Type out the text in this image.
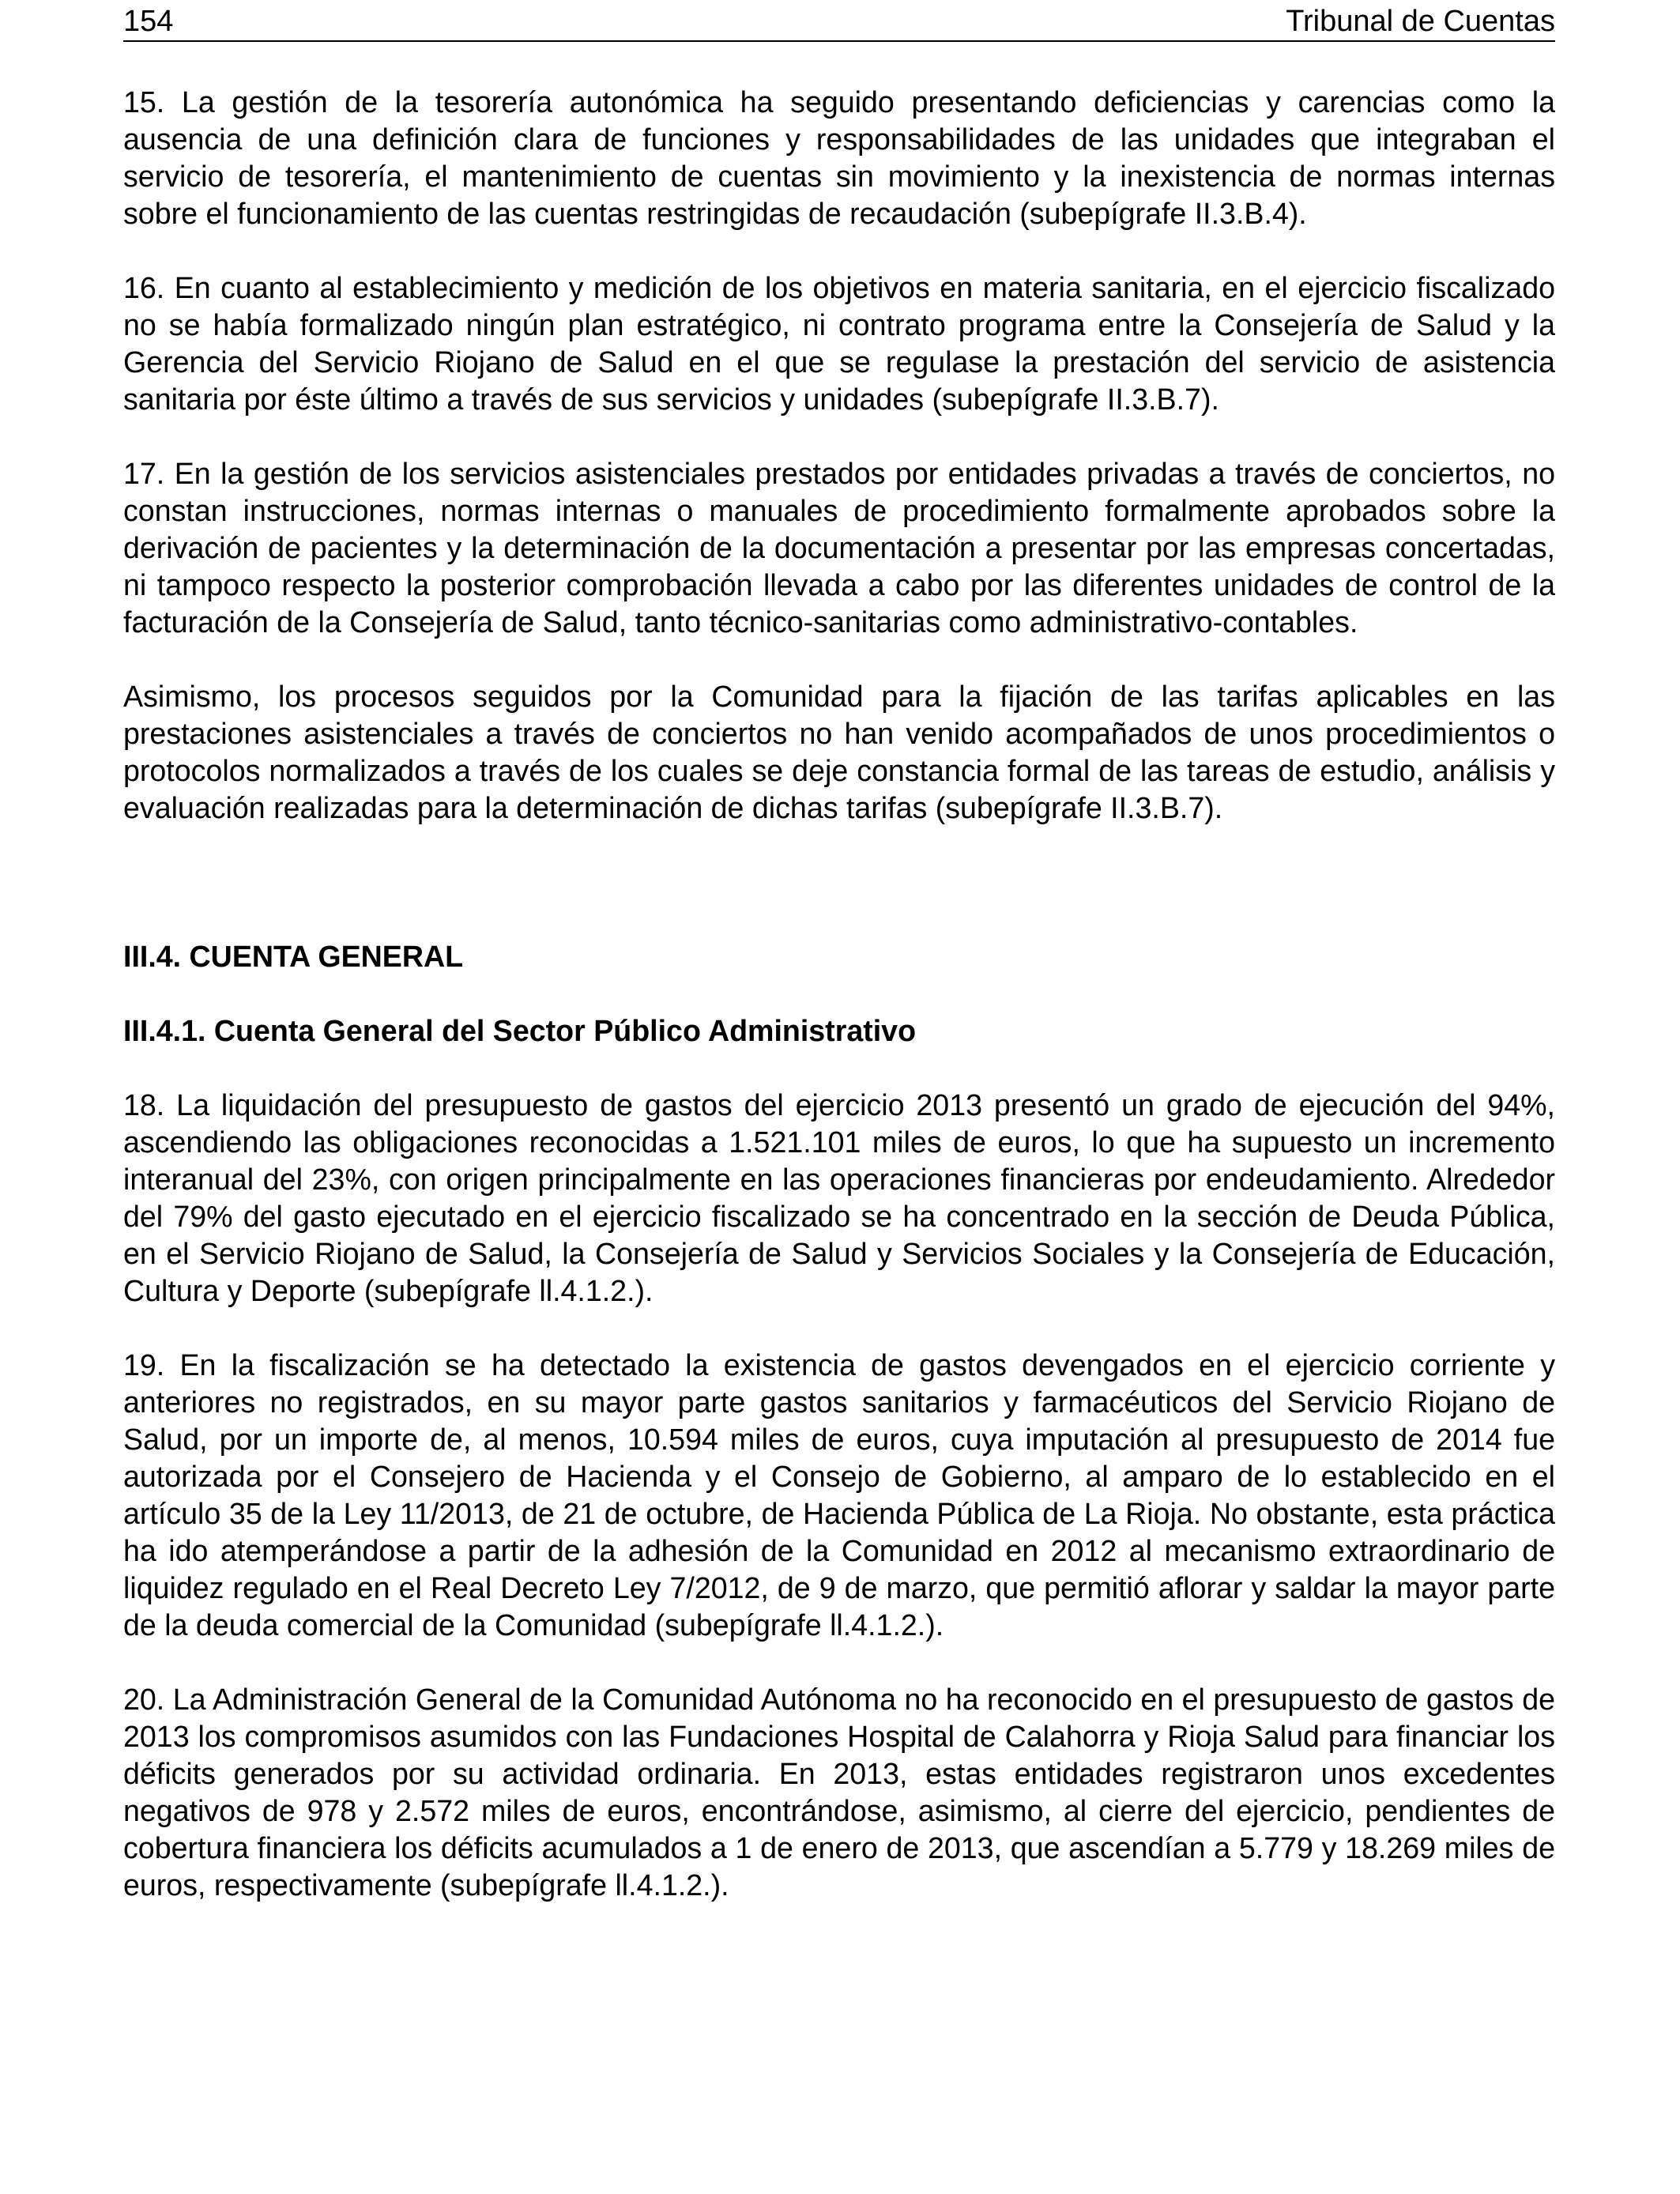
154	Tribunal de Cuentas

15. La gestión de la tesorería autonómica ha seguido presentando deficiencias y carencias como la ausencia de una definición clara de funciones y responsabilidades de las unidades que integraban el servicio de tesorería, el mantenimiento de cuentas sin movimiento y la inexistencia de normas internas sobre el funcionamiento de las cuentas restringidas de recaudación (subepígrafe II.3.B.4).

16. En cuanto al establecimiento y medición de los objetivos en materia sanitaria, en el ejercicio fiscalizado no se había formalizado ningún plan estratégico, ni contrato programa entre la Consejería de Salud y la Gerencia del Servicio Riojano de Salud en el que se regulase la prestación del servicio de asistencia sanitaria por éste último a través de sus servicios y unidades (subepígrafe II.3.B.7).

17. En la gestión de los servicios asistenciales prestados por entidades privadas a través de conciertos, no constan instrucciones, normas internas o manuales de procedimiento formalmente aprobados sobre la derivación de pacientes y la determinación de la documentación a presentar por las empresas concertadas, ni tampoco respecto la posterior comprobación llevada a cabo por las diferentes unidades de control de la facturación de la Consejería de Salud, tanto técnico-sanitarias como administrativo-contables.

Asimismo, los procesos seguidos por la Comunidad para la fijación de las tarifas aplicables en las prestaciones asistenciales a través de conciertos no han venido acompañados de unos procedimientos o protocolos normalizados a través de los cuales se deje constancia formal de las tareas de estudio, análisis y evaluación realizadas para la determinación de dichas tarifas (subepígrafe II.3.B.7).

III.4. CUENTA GENERAL
III.4.1. Cuenta General del Sector Público Administrativo

18. La liquidación del presupuesto de gastos del ejercicio 2013 presentó un grado de ejecución del 94%, ascendiendo las obligaciones reconocidas a 1.521.101 miles de euros, lo que ha supuesto un incremento interanual del 23%, con origen principalmente en las operaciones financieras por endeudamiento. Alrededor del 79% del gasto ejecutado en el ejercicio fiscalizado se ha concentrado en la sección de Deuda Pública, en el Servicio Riojano de Salud, la Consejería de Salud y Servicios Sociales y la Consejería de Educación, Cultura y Deporte (subepígrafe ll.4.1.2.).

19. En la fiscalización se ha detectado la existencia de gastos devengados en el ejercicio corriente y anteriores no registrados, en su mayor parte gastos sanitarios y farmacéuticos del Servicio Riojano de Salud, por un importe de, al menos, 10.594 miles de euros, cuya imputación al presupuesto de 2014 fue autorizada por el Consejero de Hacienda y el Consejo de Gobierno, al amparo de lo establecido en el artículo 35 de la Ley 11/2013, de 21 de octubre, de Hacienda Pública de La Rioja. No obstante, esta práctica ha ido atemperándose a partir de la adhesión de la Comunidad en 2012 al mecanismo extraordinario de liquidez regulado en el Real Decreto Ley 7/2012, de 9 de marzo, que permitió aflorar y saldar la mayor parte de la deuda comercial de la Comunidad (subepígrafe ll.4.1.2.).

20. La Administración General de la Comunidad Autónoma no ha reconocido en el presupuesto de gastos de 2013 los compromisos asumidos con las Fundaciones Hospital de Calahorra y Rioja Salud para financiar los déficits generados por su actividad ordinaria. En 2013, estas entidades registraron unos excedentes negativos de 978 y 2.572 miles de euros, encontrándose, asimismo, al cierre del ejercicio, pendientes de cobertura financiera los déficits acumulados a 1 de enero de 2013, que ascendían a 5.779 y 18.269 miles de euros, respectivamente (subepígrafe ll.4.1.2.).
